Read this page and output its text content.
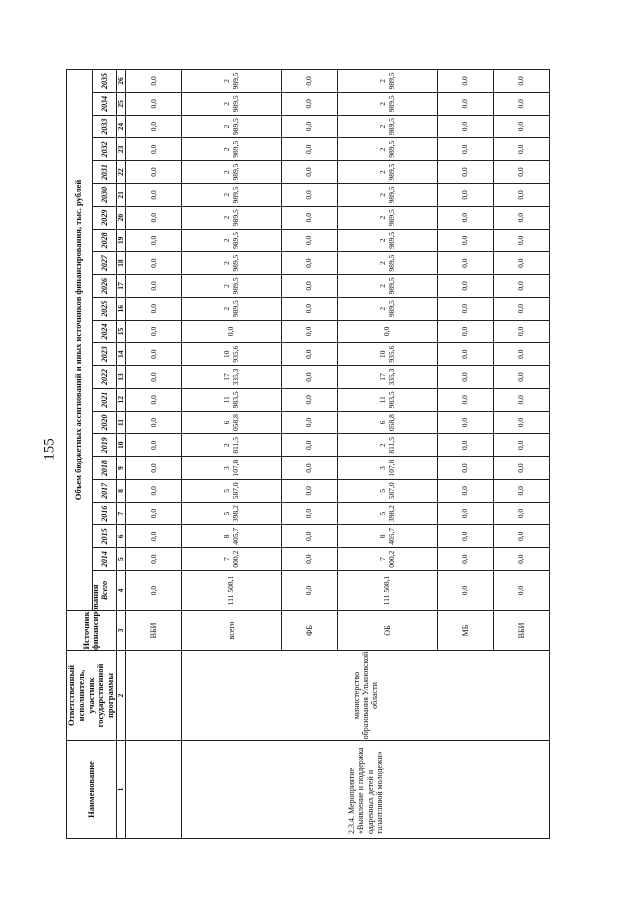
155
Наименование	Ответственный исполнитель, участник государственной программы	Источник финансирования	Объем бюджетных ассигнований и иных источников финансирования, тыс. рублей																						
			Всего	2014	2015	2016	2017	2018	2019	2020	2021	2022	2023	2024	2025	2026	2027	2028	2029	2030	2031	2032	2033	2034	2035
1	2	3	4	5	6	7	8	9	10	11	12	13	14	15	16	17	18	19	20	21	22	23	24	25	26
		ВБИ	0,0	0,0	0,0	0,0	0,0	0,0	0,0	0,0	0,0	0,0	0,0	0,0	0,0	0,0	0,0	0,0	0,0	0,0	0,0	0,0	0,0	0,0	0,0
2.3.4. Мероприятие «Выявление и поддержка одаренных детей и талантливой молодежи»	министерство образования Ульяновской области	всего	111 508,1	7 000,2	8 405,7	5 398,2	5 587,0	3 107,8	2 811,5	6 058,8	11 983,5	17 335,3	10 935,6	0,0	2 989,5	2 989,5	2 989,5	2 989,5	2 989,5	2 989,5	2 989,5	2 989,5	2 989,5	2 989,5	2 989,5
		ФБ	0,0	0,0	0,0	0,0	0,0	0,0	0,0	0,0	0,0	0,0	0,0	0,0	0,0	0,0	0,0	0,0	0,0	0,0	0,0	0,0	0,0	0,0	0,0
		ОБ	111 508,1	7 000,2	8 405,7	5 398,2	5 587,0	3 107,8	2 811,5	6 058,8	11 983,5	17 335,3	10 935,6	0,0	2 989,5	2 989,5	2 989,5	2 989,5	2 989,5	2 989,5	2 989,5	2 989,5	2 989,5	2 989,5	2 989,5
		МБ	0,0	0,0	0,0	0,0	0,0	0,0	0,0	0,0	0,0	0,0	0,0	0,0	0,0	0,0	0,0	0,0	0,0	0,0	0,0	0,0	0,0	0,0	0,0
		ВБИ	0,0	0,0	0,0	0,0	0,0	0,0	0,0	0,0	0,0	0,0	0,0	0,0	0,0	0,0	0,0	0,0	0,0	0,0	0,0	0,0	0,0	0,0	0,0
